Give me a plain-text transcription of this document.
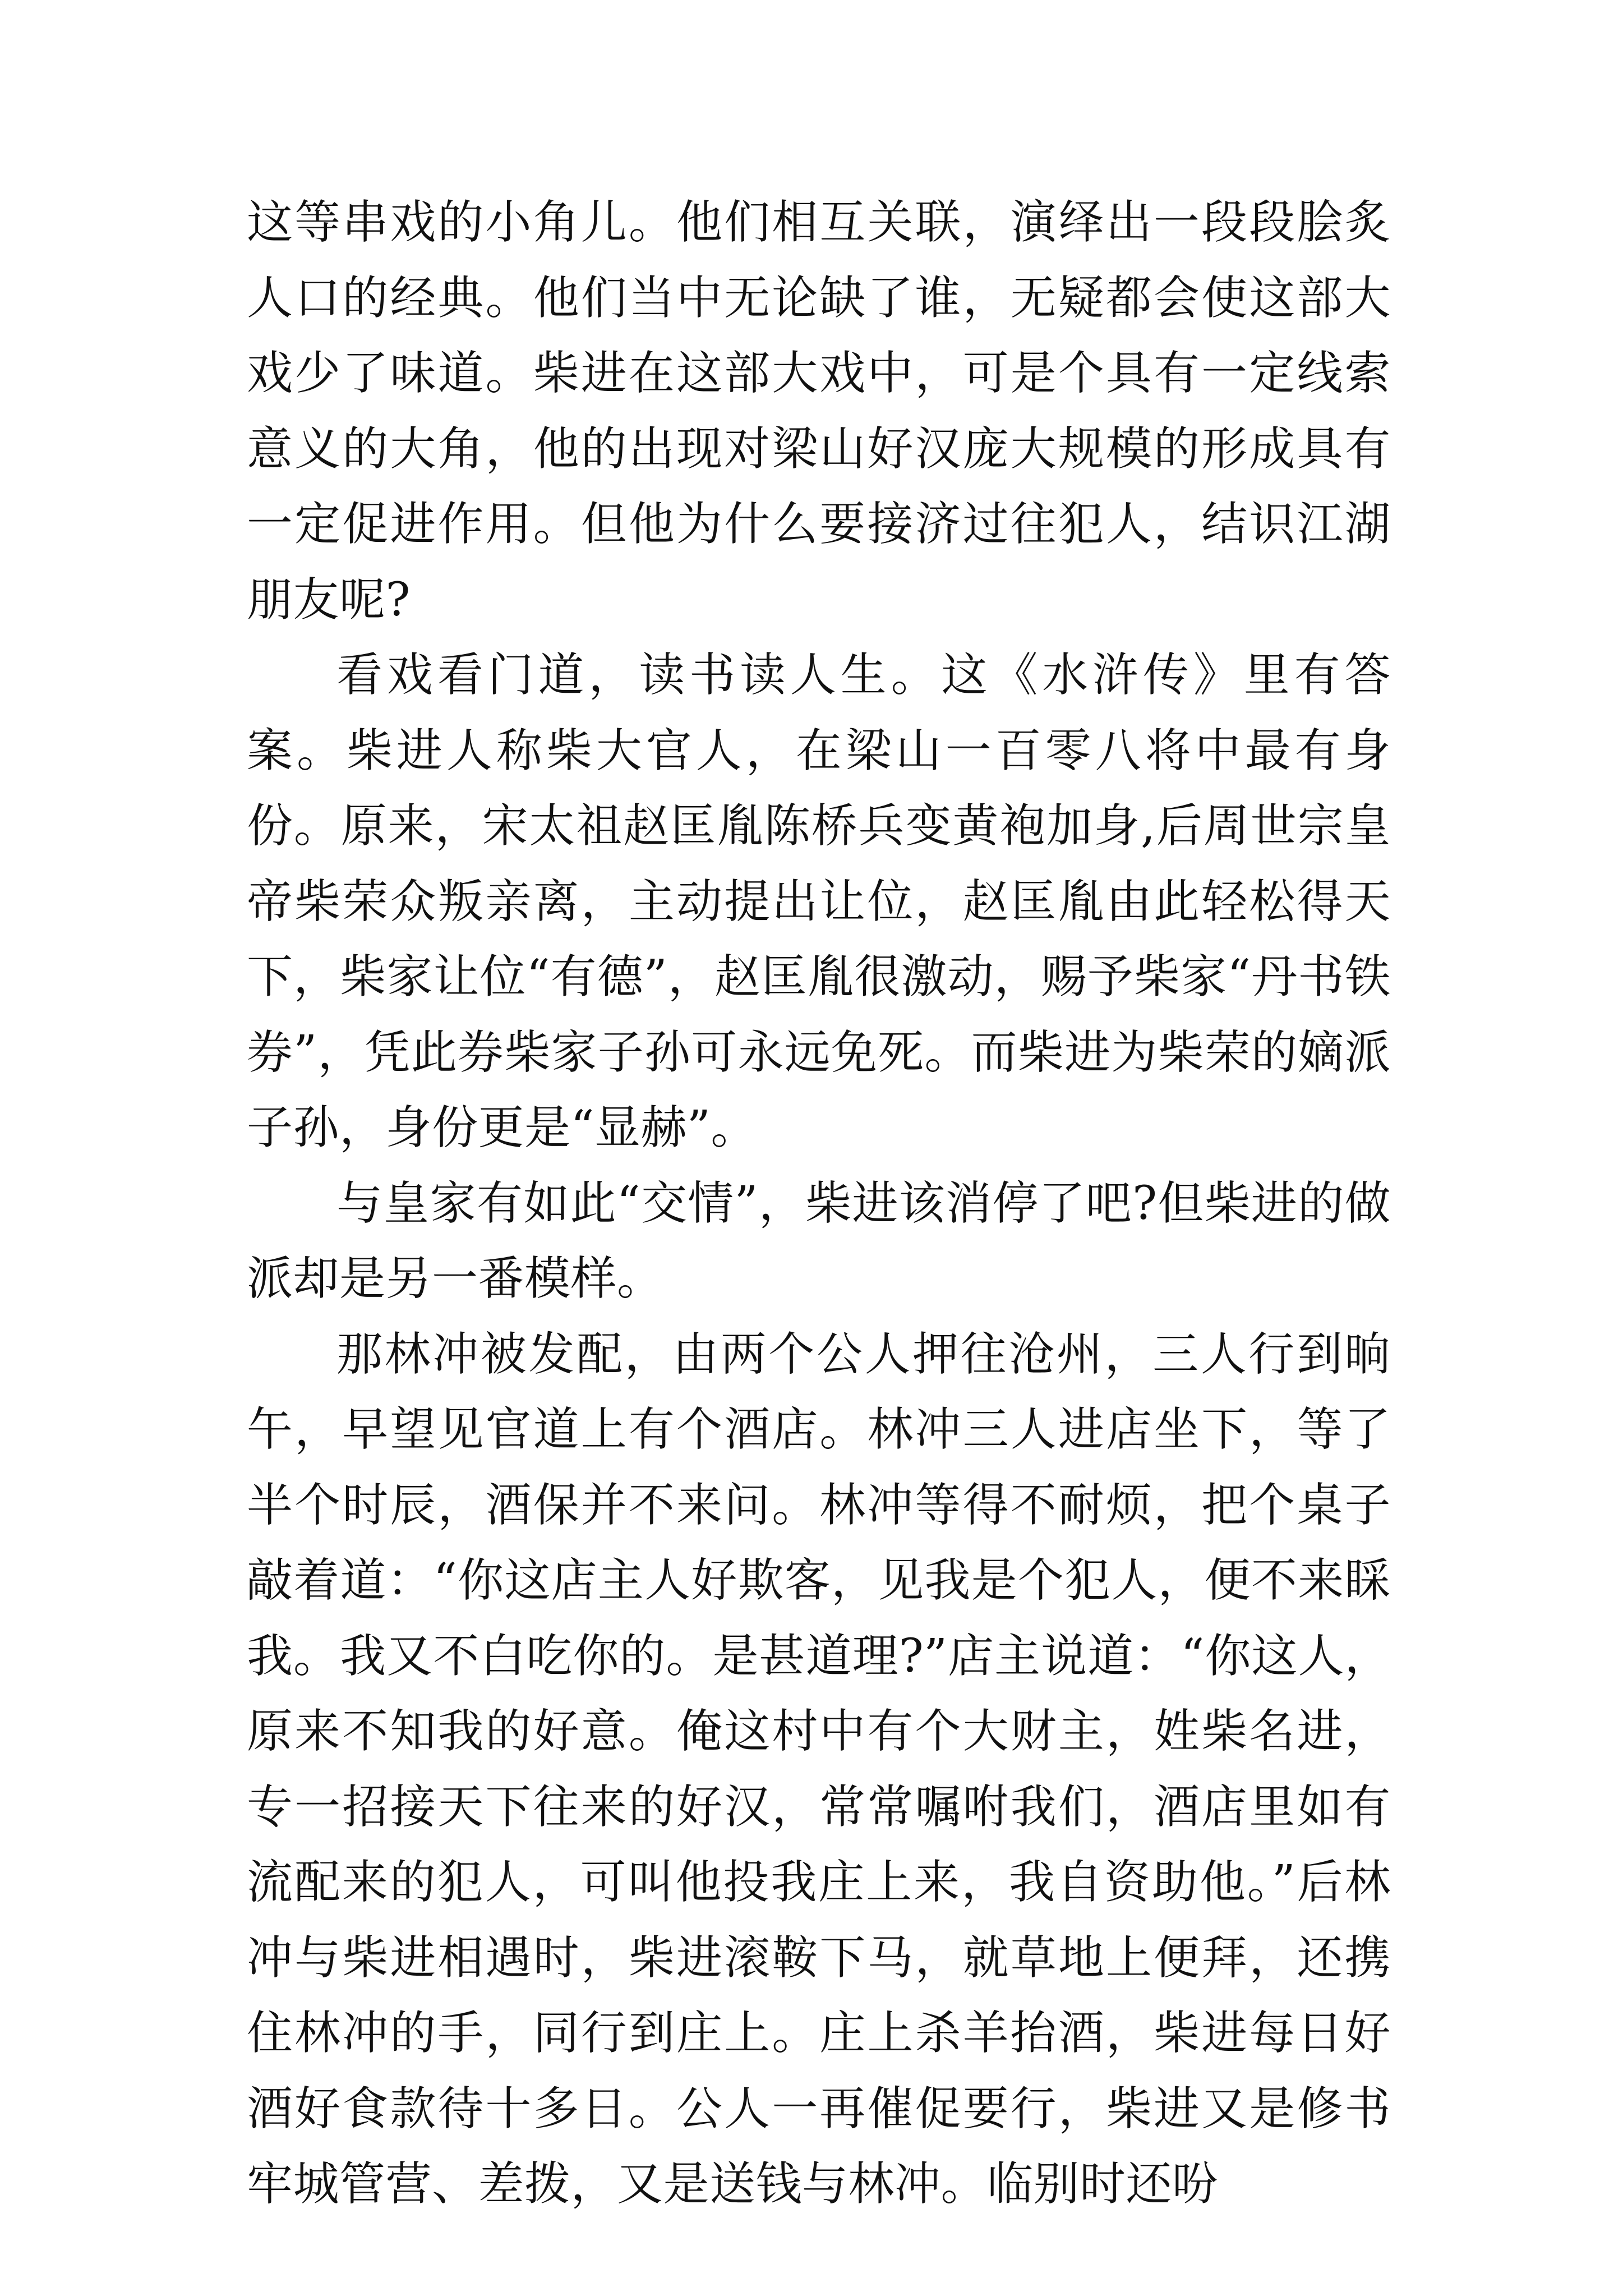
这等串戏的小角儿。他们相互关联，演绎出一段段脍炙人口的经典。他们当中无论缺了谁，无疑都会使这部大戏少了味道。柴进在这部大戏中，可是个具有一定线索意义的大角，他的出现对梁山好汉庞大规模的形成具有一定促进作用。但他为什么要接济过往犯人，结识江湖朋友呢?

看戏看门道，读书读人生。这《水浒传》里有答案。柴进人称柴大官人，在梁山一百零八将中最有身份。原来，宋太祖赵匡胤陈桥兵变黄袍加身,后周世宗皇帝柴荣众叛亲离，主动提出让位，赵匡胤由此轻松得天下，柴家让位“有德”，赵匡胤很激动，赐予柴家“丹书铁券”，凭此券柴家子孙可永远免死。而柴进为柴荣的嫡派子孙，身份更是“显赫”。

与皇家有如此“交情”，柴进该消停了吧?但柴进的做派却是另一番模样。

那林冲被发配，由两个公人押往沧州，三人行到晌午，早望见官道上有个酒店。林冲三人进店坐下，等了半个时辰，酒保并不来问。林冲等得不耐烦，把个桌子敲着道：“你这店主人好欺客，见我是个犯人，便不来睬我。我又不白吃你的。是甚道理?”店主说道：“你这人，原来不知我的好意。俺这村中有个大财主，姓柴名进，专一招接天下往来的好汉，常常嘱咐我们，酒店里如有流配来的犯人，可叫他投我庄上来，我自资助他。”后林冲与柴进相遇时，柴进滚鞍下马，就草地上便拜，还携住林冲的手，同行到庄上。庄上杀羊抬酒，柴进每日好酒好食款待十多日。公人一再催促要行，柴进又是修书牢城管营、差拨，又是送钱与林冲。临别时还吩
